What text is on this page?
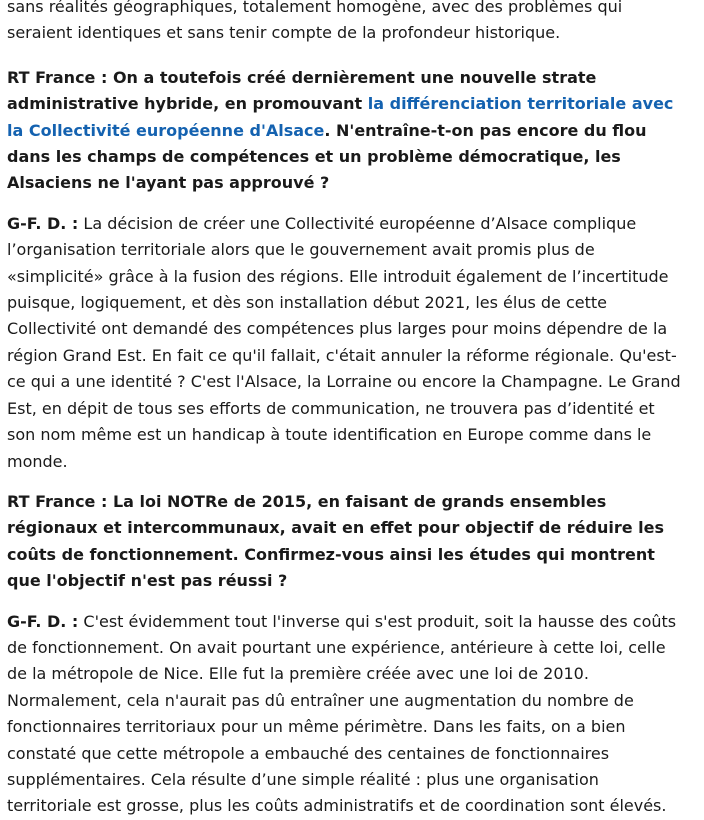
sans réalités géographiques, totalement homogène, avec des problèmes qui seraient identiques et sans tenir compte de la profondeur historique.

RT France : On a toutefois créé dernièrement une nouvelle strate administrative hybride, en promouvant la différenciation territoriale avec la Collectivité européenne d'Alsace. N'entraîne-t-on pas encore du flou dans les champs de compétences et un problème démocratique, les Alsaciens ne l'ayant pas approuvé ?

G-F. D. : La décision de créer une Collectivité européenne d’Alsace complique l’organisation territoriale alors que le gouvernement avait promis plus de «simplicité» grâce à la fusion des régions. Elle introduit également de l’incertitude puisque, logiquement, et dès son installation début 2021, les élus de cette Collectivité ont demandé des compétences plus larges pour moins dépendre de la région Grand Est. En fait ce qu'il fallait, c'était annuler la réforme régionale. Qu'est-ce qui a une identité ? C'est l'Alsace, la Lorraine ou encore la Champagne. Le Grand Est, en dépit de tous ses efforts de communication, ne trouvera pas d’identité et son nom même est un handicap à toute identification en Europe comme dans le monde.

RT France : La loi NOTRe de 2015, en faisant de grands ensembles régionaux et intercommunaux, avait en effet pour objectif de réduire les coûts de fonctionnement. Confirmez-vous ainsi les études qui montrent que l'objectif n'est pas réussi ?

G-F. D. : C'est évidemment tout l'inverse qui s'est produit, soit la hausse des coûts de fonctionnement. On avait pourtant une expérience, antérieure à cette loi, celle de la métropole de Nice. Elle fut la première créée avec une loi de 2010. Normalement, cela n'aurait pas dû entraîner une augmentation du nombre de fonctionnaires territoriaux pour un même périmètre. Dans les faits, on a bien constaté que cette métropole a embauché des centaines de fonctionnaires supplémentaires. Cela résulte d’une simple réalité : plus une organisation territoriale est grosse, plus les coûts administratifs et de coordination sont élevés.
